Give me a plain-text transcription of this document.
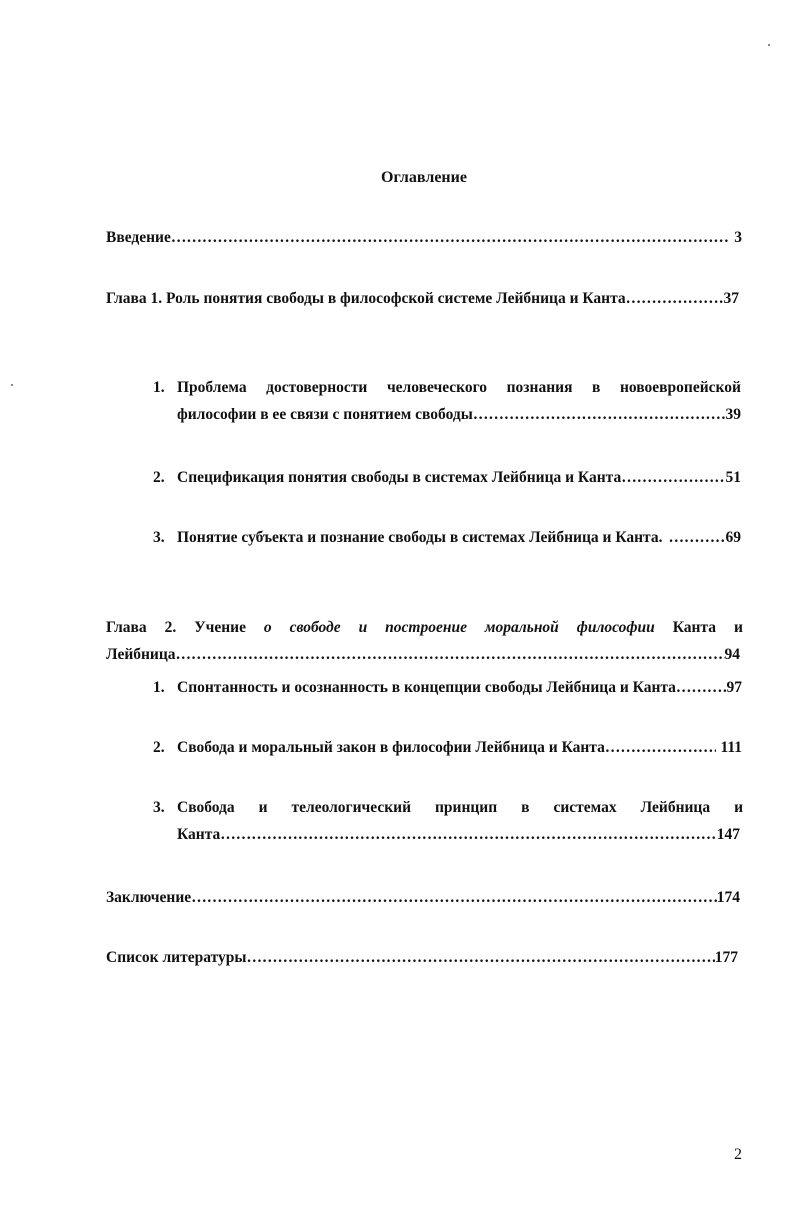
Оглавление
Введение …………………………………………………………………………………………………………………………………………………………………………………………	3
Глава 1. Роль понятия свободы в философской системе Лейбница и Канта …………………………………………………………………………………………………………………………………………………………………………………………	37
1. Проблема достоверности человеческого познания в новоевропейской
философии в ее связи с понятием свободы …………………………………………………………………………………………………………………………………………………………………………………………	39
2. Спецификация понятия свободы в системах Лейбница и Канта …………………………………………………………………………………………………………………………………………………………………………………………	51
3. Понятие субъекта и познание свободы в системах Лейбница и Канта. …………………………………………………………………………………………………………………………………………………………………………………………	69
Глава 2. Учение о свободе и построение моральной философии Канта и
Лейбница …………………………………………………………………………………………………………………………………………………………………………………………	94
1. Спонтанность и осознанность в концепции свободы Лейбница и Канта …………………………………………………………………………………………………………………………………………………………………………………………	97
2. Свобода и моральный закон в философии Лейбница и Канта …………………………………………………………………………………………………………………………………………………………………………………………	111
3. Свобода и телеологический принцип в системах Лейбница и
Канта …………………………………………………………………………………………………………………………………………………………………………………………	147
Заключение …………………………………………………………………………………………………………………………………………………………………………………………	174
Список литературы …………………………………………………………………………………………………………………………………………………………………………………………	177
2
